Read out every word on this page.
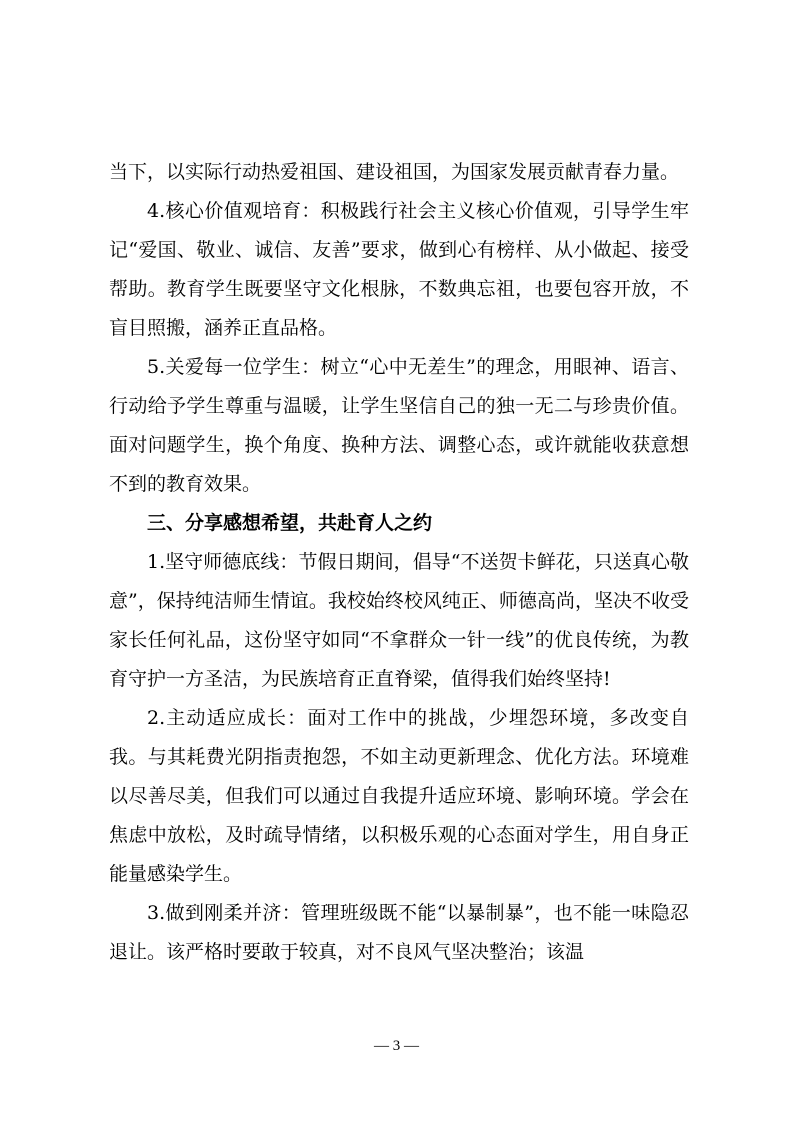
当下，以实际行动热爱祖国、建设祖国，为国家发展贡献青春力量。

4.核心价值观培育：积极践行社会主义核心价值观，引导学生牢记“爱国、敬业、诚信、友善”要求，做到心有榜样、从小做起、接受帮助。教育学生既要坚守文化根脉，不数典忘祖，也要包容开放，不盲目照搬，涵养正直品格。

5.关爱每一位学生：树立“心中无差生”的理念，用眼神、语言、行动给予学生尊重与温暖，让学生坚信自己的独一无二与珍贵价值。面对问题学生，换个角度、换种方法、调整心态，或许就能收获意想不到的教育效果。

三、分享感想希望，共赴育人之约

1.坚守师德底线：节假日期间，倡导“不送贺卡鲜花，只送真心敬意”，保持纯洁师生情谊。我校始终校风纯正、师德高尚，坚决不收受家长任何礼品，这份坚守如同“不拿群众一针一线”的优良传统，为教育守护一方圣洁，为民族培育正直脊梁，值得我们始终坚持!

2.主动适应成长：面对工作中的挑战，少埋怨环境，多改变自我。与其耗费光阴指责抱怨，不如主动更新理念、优化方法。环境难以尽善尽美，但我们可以通过自我提升适应环境、影响环境。学会在焦虑中放松，及时疏导情绪，以积极乐观的心态面对学生，用自身正能量感染学生。

3.做到刚柔并济：管理班级既不能“以暴制暴”，也不能一味隐忍退让。该严格时要敢于较真，对不良风气坚决整治；该温

— 3 —
